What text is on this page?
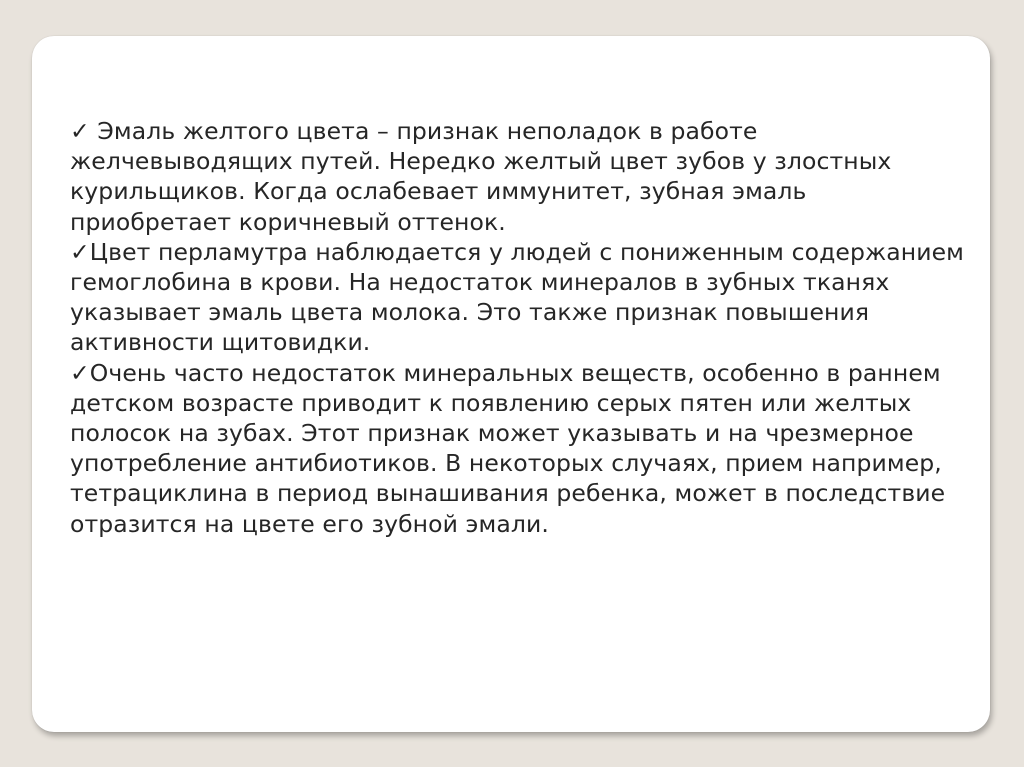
✓ Эмаль желтого цвета – признак неполадок в работе желчевыводящих путей. Нередко желтый цвет зубов у злостных курильщиков. Когда ослабевает иммунитет, зубная эмаль приобретает коричневый оттенок.

✓Цвет перламутра наблюдается у людей с пониженным содержанием гемоглобина в крови. На недостаток минералов в зубных тканях указывает эмаль цвета молока. Это также признак повышения активности щитовидки.

✓Очень часто недостаток минеральных веществ, особенно в раннем детском возрасте приводит к появлению серых пятен или желтых полосок на зубах. Этот признак может указывать и на чрезмерное употребление антибиотиков. В некоторых случаях, прием например, тетрациклина в период вынашивания ребенка, может в последствие отразится на цвете его зубной эмали.
